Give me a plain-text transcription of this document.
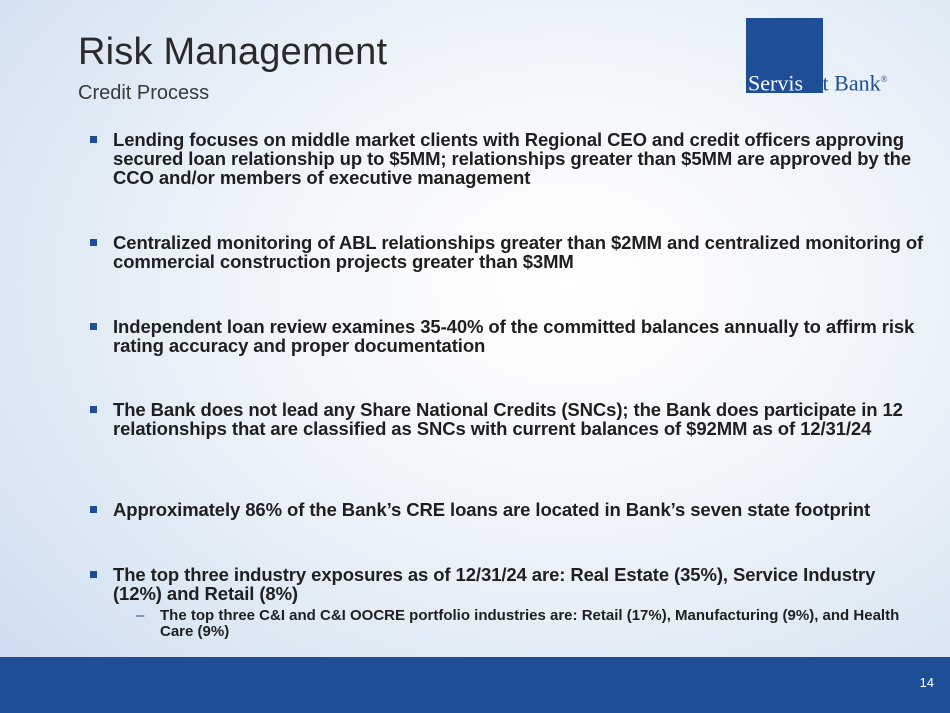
Risk Management
Credit Process	Servis1st Bank®
Lending focuses on middle market clients with Regional CEO and credit officers approving secured loan relationship up to $5MM; relationships greater than $5MM are approved by the CCO and/or members of executive management
Centralized monitoring of ABL relationships greater than $2MM and centralized monitoring of commercial construction projects greater than $3MM
Independent loan review examines 35-40% of the committed balances annually to affirm risk rating accuracy and proper documentation
The Bank does not lead any Share National Credits (SNCs); the Bank does participate in 12 relationships that are classified as SNCs with current balances of $92MM as of 12/31/24
Approximately 86% of the Bank’s CRE loans are located in Bank’s seven state footprint
The top three industry exposures as of 12/31/24 are: Real Estate (35%), Service Industry (12%) and Retail (8%)
– The top three C&I and C&I OOCRE portfolio industries are: Retail (17%), Manufacturing (9%), and Health Care (9%)
14
